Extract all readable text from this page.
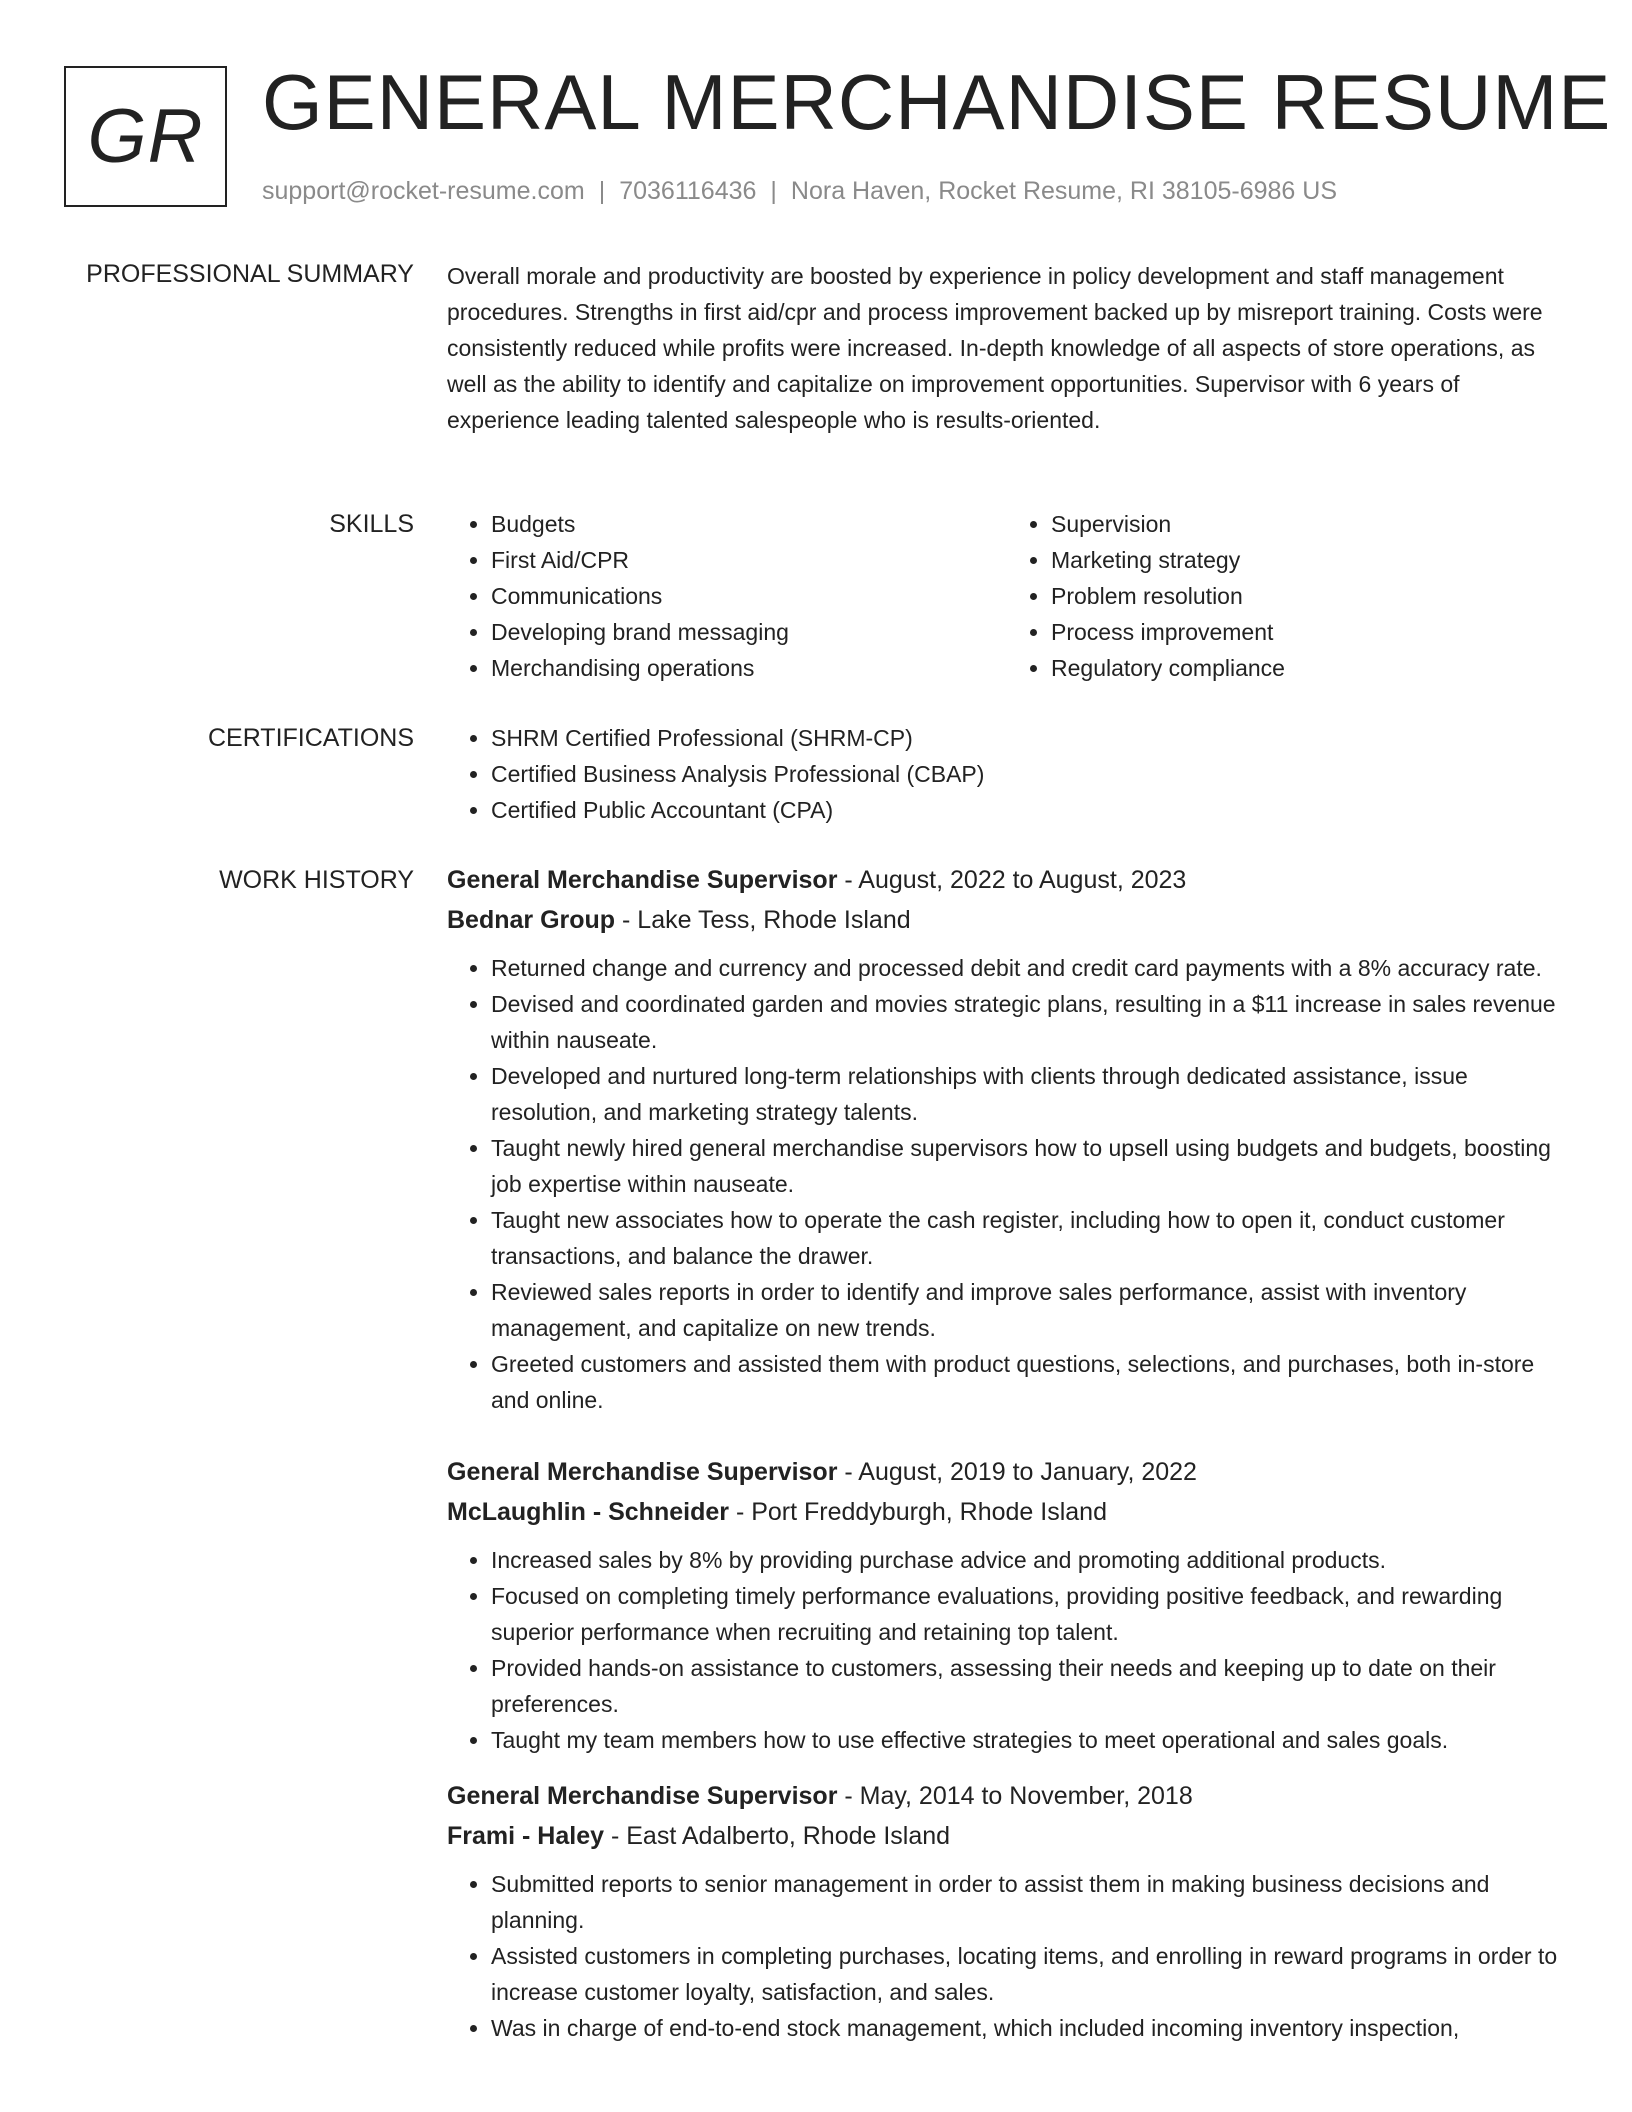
GR GENERAL MERCHANDISE RESUME
support@rocket-resume.com | 7036116436 | Nora Haven, Rocket Resume, RI 38105-6986 US
PROFESSIONAL SUMMARY Overall morale and productivity are boosted by experience in policy development and staff management procedures. Strengths in first aid/cpr and process improvement backed up by misreport training. Costs were consistently reduced while profits were increased. In-depth knowledge of all aspects of store operations, as well as the ability to identify and capitalize on improvement opportunities. Supervisor with 6 years of experience leading talented salespeople who is results-oriented.

SKILLS	• Budgets
• First Aid/CPR
• Communications
• Developing brand messaging
• Merchandising operations
• Supervision
• Marketing strategy
• Problem resolution
• Process improvement
• Regulatory compliance
CERTIFICATIONS	• SHRM Certified Professional (SHRM-CP)
• Certified Business Analysis Professional (CBAP)
• Certified Public Accountant (CPA)
WORK HISTORY General Merchandise Supervisor - August, 2022 to August, 2023
Bednar Group - Lake Tess, Rhode Island
• Returned change and currency and processed debit and credit card payments with a 8% accuracy rate.
• Devised and coordinated garden and movies strategic plans, resulting in a $11 increase in sales revenue within nauseate.
• Developed and nurtured long-term relationships with clients through dedicated assistance, issue resolution, and marketing strategy talents.
• Taught newly hired general merchandise supervisors how to upsell using budgets and budgets, boosting job expertise within nauseate.
• Taught new associates how to operate the cash register, including how to open it, conduct customer transactions, and balance the drawer.
• Reviewed sales reports in order to identify and improve sales performance, assist with inventory management, and capitalize on new trends.
• Greeted customers and assisted them with product questions, selections, and purchases, both in-store and online.
General Merchandise Supervisor - August, 2019 to January, 2022
McLaughlin - Schneider - Port Freddyburgh, Rhode Island
• Increased sales by 8% by providing purchase advice and promoting additional products.
• Focused on completing timely performance evaluations, providing positive feedback, and rewarding superior performance when recruiting and retaining top talent.
• Provided hands-on assistance to customers, assessing their needs and keeping up to date on their preferences.
• Taught my team members how to use effective strategies to meet operational and sales goals.
General Merchandise Supervisor - May, 2014 to November, 2018
Frami - Haley - East Adalberto, Rhode Island
• Submitted reports to senior management in order to assist them in making business decisions and planning.
• Assisted customers in completing purchases, locating items, and enrolling in reward programs in order to increase customer loyalty, satisfaction, and sales.
• Was in charge of end-to-end stock management, which included incoming inventory inspection,
